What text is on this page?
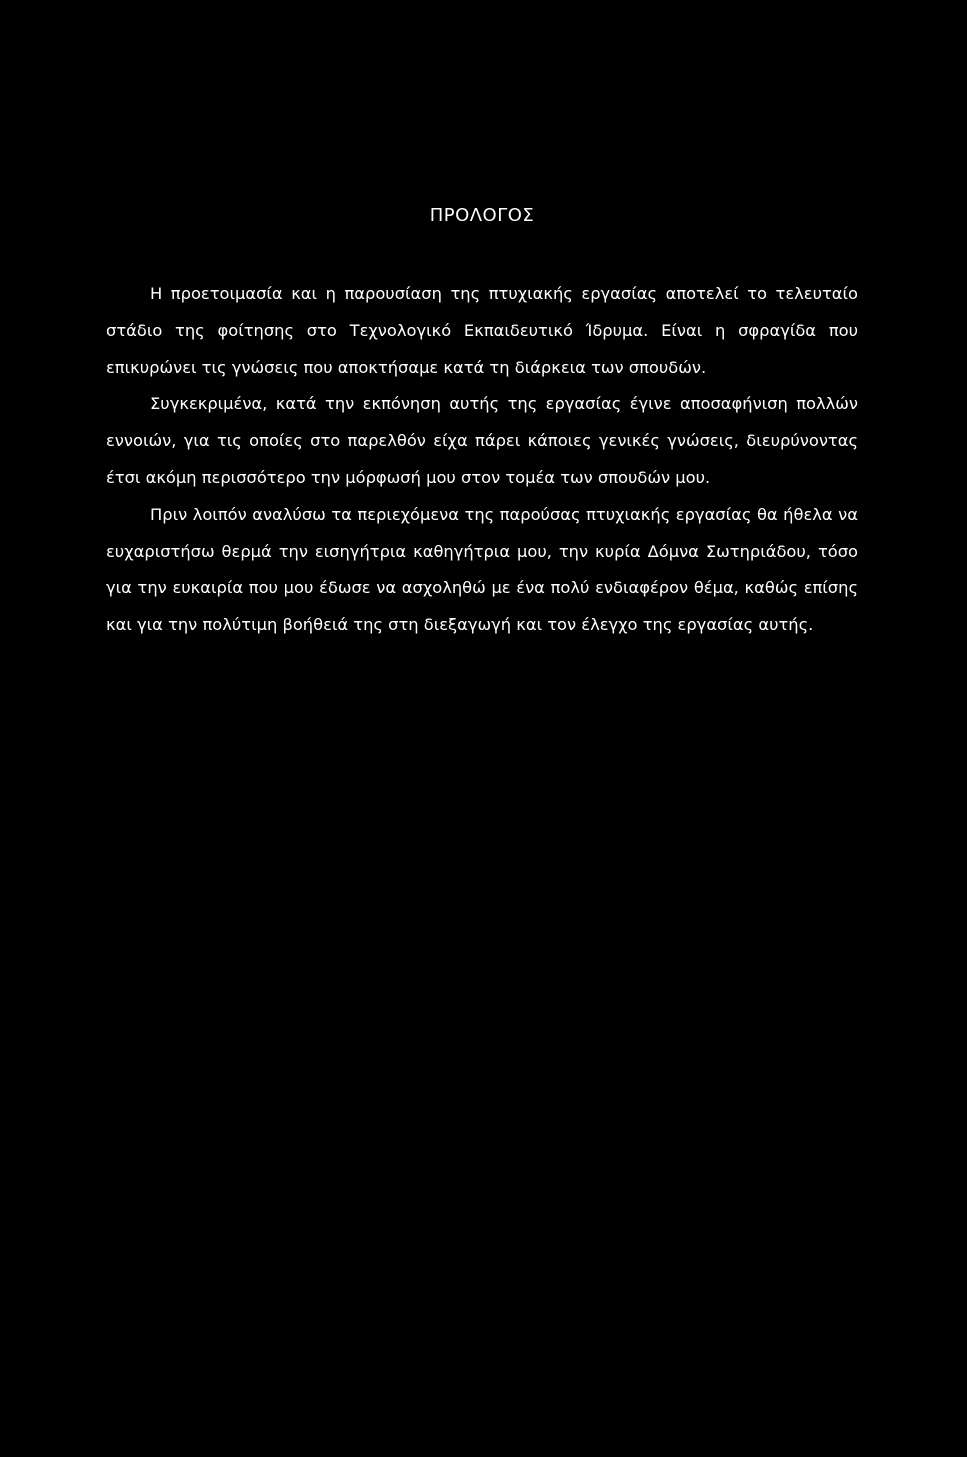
ΠΡΟΛΟΓΟΣ

Η προετοιμασία και η παρουσίαση της πτυχιακής εργασίας αποτελεί το τελευταίο στάδιο της φοίτησης στο Τεχνολογικό Εκπαιδευτικό Ίδρυμα. Είναι η σφραγίδα που επικυρώνει τις γνώσεις που αποκτήσαμε κατά τη διάρκεια των σπουδών.

Συγκεκριμένα, κατά την εκπόνηση αυτής της εργασίας έγινε αποσαφήνιση πολλών εννοιών, για τις οποίες στο παρελθόν είχα πάρει κάποιες γενικές γνώσεις, διευρύνοντας έτσι ακόμη περισσότερο την μόρφωσή μου στον τομέα των σπουδών μου.

Πριν λοιπόν αναλύσω τα περιεχόμενα της παρούσας πτυχιακής εργασίας θα ήθελα να ευχαριστήσω θερμά την εισηγήτρια καθηγήτρια μου, την κυρία Δόμνα Σωτηριάδου, τόσο για την ευκαιρία που μου έδωσε να ασχοληθώ με ένα πολύ ενδιαφέρον θέμα, καθώς επίσης και για την πολύτιμη βοήθειά της στη διεξαγωγή και τον έλεγχο της εργασίας αυτής.
